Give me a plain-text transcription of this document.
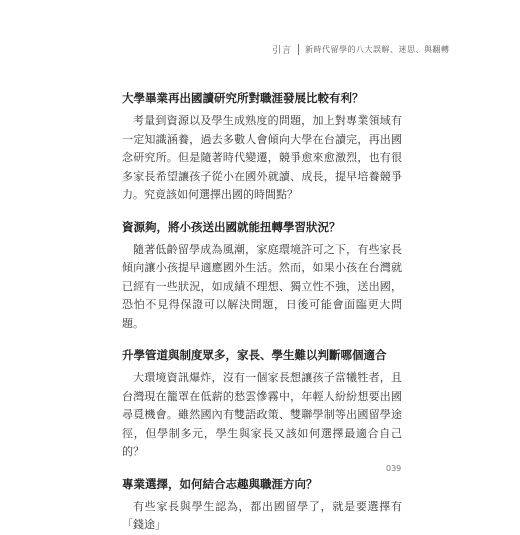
引言 新時代留學的八大誤解、迷思、與翻轉
大學畢業再出國讀研究所對職涯發展比較有利？

考量到資源以及學生成熟度的問題，加上對專業領域有一定知識涵養，過去多數人會傾向大學在台讀完，再出國念研究所。但是隨著時代變遷，競爭愈來愈激烈，也有很多家長希望讓孩子從小在國外就讀、成長，提早培養競爭力。究竟該如何選擇出國的時間點？

資源夠，將小孩送出國就能扭轉學習狀況？

隨著低齡留學成為風潮，家庭環境許可之下，有些家長傾向讓小孩提早適應國外生活。然而，如果小孩在台灣就已經有一些狀況，如成績不理想、獨立性不強，送出國，恐怕不見得保證可以解決問題，日後可能會面臨更大問題。

升學管道與制度眾多，家長、學生難以判斷哪個適合

大環境資訊爆炸，沒有一個家長想讓孩子當犧牲者，且台灣現在籠罩在低薪的愁雲慘霧中，年輕人紛紛想要出國尋覓機會。雖然國內有雙語政策、雙聯學制等出國留學途徑，但學制多元，學生與家長又該如何選擇最適合自己的？

專業選擇，如何結合志趣與職涯方向？

有些家長與學生認為，都出國留學了，就是要選擇有「錢途」

039
